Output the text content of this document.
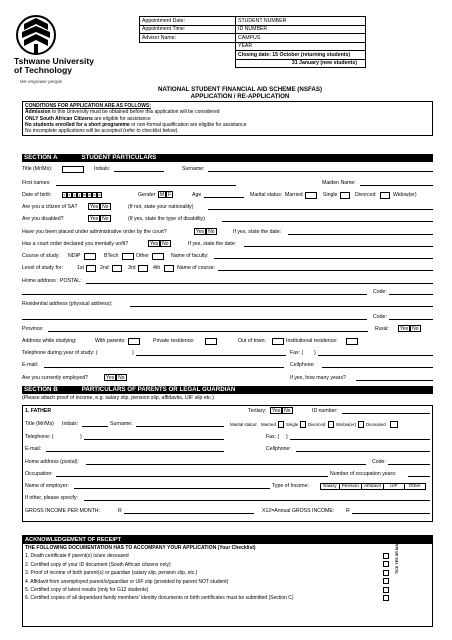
Tshwane University
of Technology
We empower people
Appointment Date:	STUDENT NUMBER
Appointment Time:	ID NUMBER
Advisor Name:	CAMPUS
	YEAR
	Closing date: 15 October (returning students)
	31 January (new students)
NATIONAL STUDENT FINANCIAL AID SCHEME (NSFAS)
APPLICATION / RE-APPLICATION
CONDITIONS FOR APPLICATION ARE AS FOLLOWS:
Admission to this University must be obtained before this application will be considered
ONLY South African Citizens are eligible for assistance
No students enrolled for a short programme or non-formal qualification are eligible for assistance
No incomplete applications will be accepted (refer to checklist below).
SECTION A	STUDENT PARTICULARS
Title (Mr/Ms):	Initials:	Surname:
First names:	Maiden Name:
Date of birth:	c c y y m m d d	Gender M F	Age	Marital status: Married	Single	Divorced	Widow(er)
Are you a citizen of SA?	Yes No	(If not, state your nationality)
Are you disabled?	Yes No	(If yes, state the type of disability)
Have you been placed under administrative order by the court?	Yes No	If yes, state the date:
Has a court order declared you mentally unfit?	Yes No	If yes, state the date:
Course of study: NDIP	BTech	Other	Name of faculty:
Level of study for:	1st	2nd	3rd	4th	Name of course:
Home address : POSTAL:
Code:
Residential address (physical address):
Code:
Province:	Rural:	Yes No
Address while studying:	With parents:	Private residence:	Out of town:	Institutional residence:
Telephone during year of study: (	)	Fax: ( )
E-mail:	Cellphone:
Are you currently employed?	Yes No	If yes, how many years?
SECTION B	PARTICULARS OF PARENTS OR LEGAL GUARDIAN
(Please attach proof of income, e.g. salary slip, pension slip, affidavits, UIF slip etc.)
1. FATHER	Tertiary:	Yes No	ID number:
Title (Mr/Ms) Initials:	Surname:	Marital status: Married Single Divorced Widow(er) Deceased
Telephone: (	)	Fax: ( )
E-mail:	Cellphone:
Home address (postal):	Code:
Occupation:	Number of occupation years:
Name of employer:	Type of Income:	Salary	Pension	Affidavit	UIF	Other
If other, please specify:
GROSS INCOME PER MONTH:	R	X12=Annual GROSS INCOME: R
ACKNOWLEDGEMENT OF RECEIPT
THE FOLLOWING DOCUMENTATION HAS TO ACCOMPANY YOUR APPLICATION (Your Checklist)
1. Death certificate if parent(s) is/are deceased
2. Certified copy of your ID document (South African citizens only)
3. Proof of income of both parent(s) or guardian (salary slip, pension slip, etc.)
4. Affidavit from unemployed parent/s/guardian or UIF slip (provided by parent NOT student)
5. Certified copy of latest results (only for G12 students)
6. Certified copies of all dependant family members' identity documents or birth certificates must be submitted (Section C)
TICK YES OR N/A
